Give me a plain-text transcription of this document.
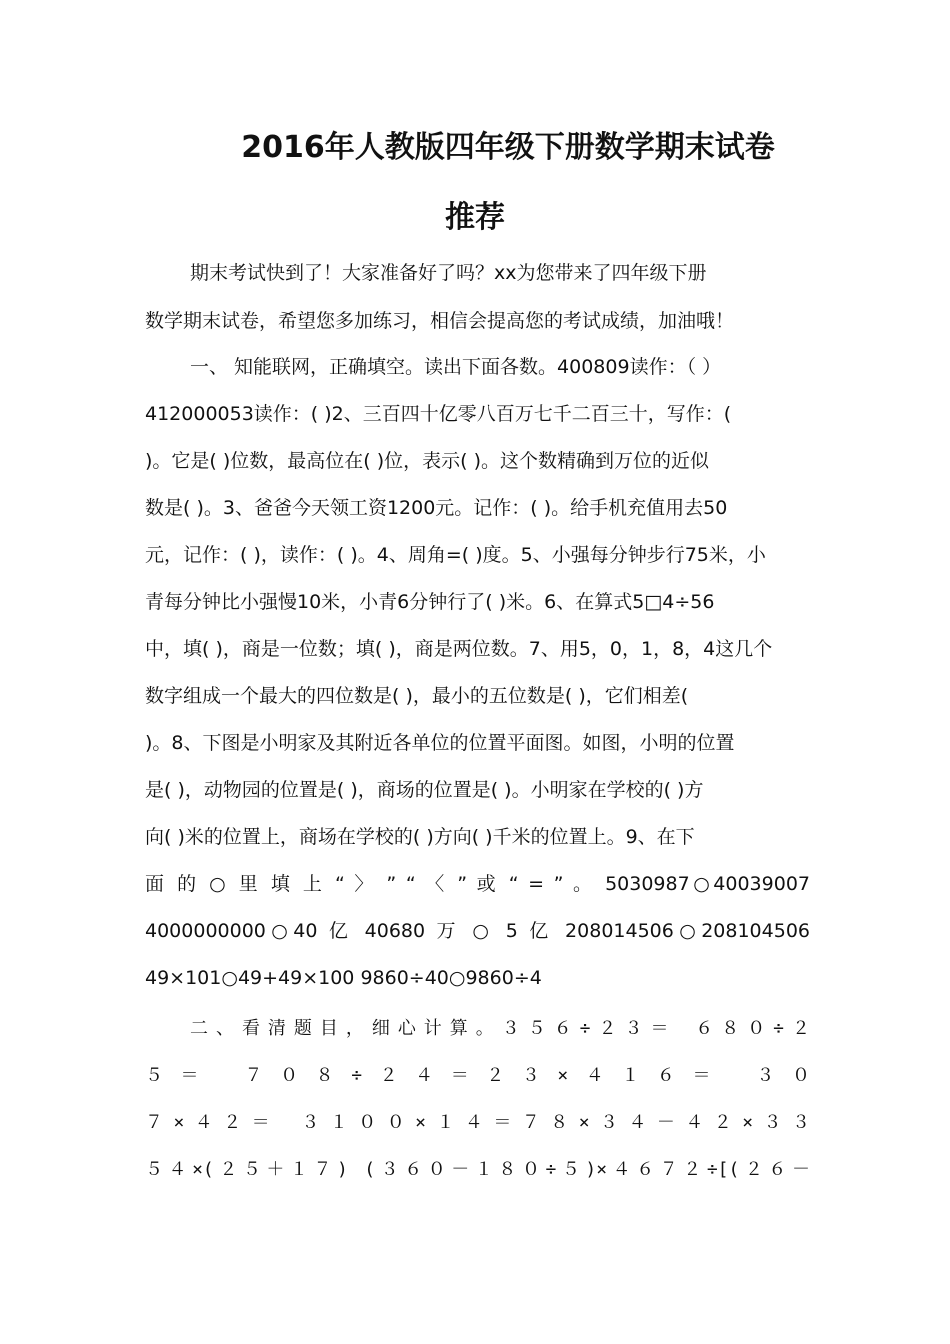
2016年人教版四年级下册数学期末试卷
推荐
期末考试快到了！大家准备好了吗？xx为您带来了四年级下册
数学期末试卷，希望您多加练习，相信会提高您的考试成绩，加油哦！
一、 知能联网，正确填空。读出下面各数。400809读作：（ ）
412000053读作：( )2、三百四十亿零八百万七千二百三十，写作：(
)。它是( )位数，最高位在( )位，表示( )。这个数精确到万位的近似
数是( )。3、爸爸今天领工资1200元。记作：( )。给手机充值用去50
元，记作：( )，读作：( )。4、周角=( )度。5、小强每分钟步行75米，小
青每分钟比小强慢10米，小青6分钟行了( )米。6、在算式5□4÷56
中，填( )，商是一位数；填( )，商是两位数。7、用5，0，1，8，4这几个
数字组成一个最大的四位数是( )，最小的五位数是( )，它们相差(
)。8、下图是小明家及其附近各单位的位置平面图。如图，小明的位置
是( )，动物园的位置是( )，商场的位置是( )。小明家在学校的( )方
向( )米的位置上，商场在学校的( )方向( )千米的位置上。9、在下
面 的 ○ 里 填 上 “ 〉 ” “ 〈 ” 或 “ = ” 。 5030987○40039007
4000000000○40 亿 40680 万 ○ 5 亿 208014506○208104506
49×101○49+49×100 9860÷40○9860÷4
二、看清题目，细心计算。３５６÷２３＝ ６８０÷２
５＝ ７０８÷２４＝２３×４１６＝ ３０
７×４２＝ ３１００×１４＝７８×３４－４２×３３
５４×(２５＋１７) (３６０－１８０÷５)×４６７２÷[(２６－
